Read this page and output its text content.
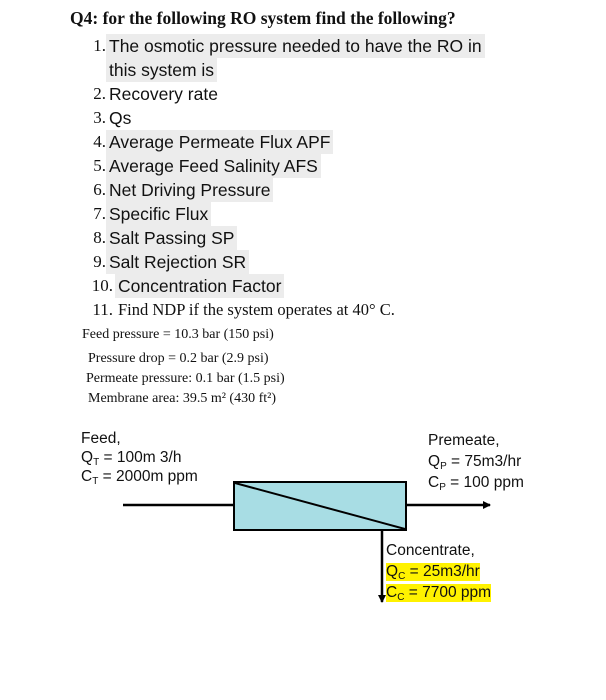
Q4: for the following RO system find the following?
1. The osmotic pressure needed to have the RO in
this system is
2. Recovery rate
3. Qs
4. Average Permeate Flux APF
5. Average Feed Salinity AFS
6. Net Driving Pressure
7. Specific Flux
8. Salt Passing SP
9. Salt Rejection SR
10. Concentration Factor
11. Find NDP if the system operates at 40° C.
Feed pressure = 10.3 bar (150 psi)
Pressure drop = 0.2 bar (2.9 psi)
Permeate pressure: 0.1 bar (1.5 psi)
Membrane area: 39.5 m² (430 ft²)
Feed,
$Q_T = 100m$ 3/h
$C_T = 2000m$ ppm
Premeate,
$Q_P = 75m3/hr$
$C_P = 100$ ppm
Concentrate,
$Q_C = 25m3/hr$
$C_C = 7700$ ppm
